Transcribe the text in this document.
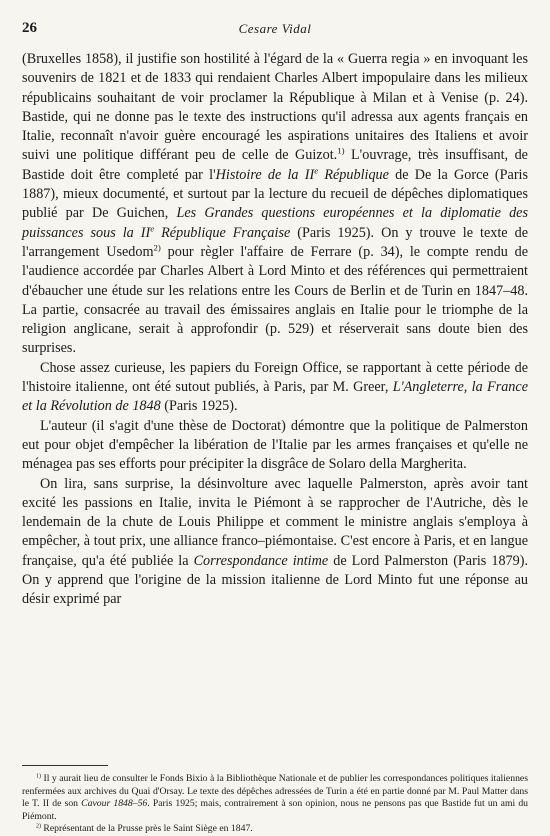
26	Cesare Vidal

(Bruxelles 1858), il justifie son hostilité à l'égard de la « Guerra regia » en invoquant les souvenirs de 1821 et de 1833 qui rendaient Charles Albert impopulaire dans les milieux républicains souhaitant de voir proclamer la République à Milan et à Venise (p. 24). Bastide, qui ne donne pas le texte des instructions qu'il adressa aux agents français en Italie, reconnaît n'avoir guère encouragé les aspirations unitaires des Italiens et avoir suivi une politique différant peu de celle de Guizot.$^{1)}$ L'ouvrage, très insuffisant, de Bastide doit être completé par l'Histoire de la IIe République de De la Gorce (Paris 1887), mieux documenté, et surtout par la lecture du recueil de dépêches diplomatiques publié par De Guichen, Les Grandes questions européennes et la diplomatie des puissances sous la IIe République Française (Paris 1925). On y trouve le texte de l'arrangement Usedom$^{2)}$ pour règler l'affaire de Ferrare (p. 34), le compte rendu de l'audience accordée par Charles Albert à Lord Minto et des références qui permettraient d'ébaucher une étude sur les relations entre les Cours de Berlin et de Turin en 1847–48. La partie, consacrée au travail des émissaires anglais en Italie pour le triomphe de la religion anglicane, serait à approfondir (p. 529) et réserverait sans doute bien des surprises.

Chose assez curieuse, les papiers du Foreign Office, se rapportant à cette période de l'histoire italienne, ont été sutout publiés, à Paris, par M. Greer, L'Angleterre, la France et la Révolution de 1848 (Paris 1925).

L'auteur (il s'agit d'une thèse de Doctorat) démontre que la politique de Palmerston eut pour objet d'empêcher la libération de l'Italie par les armes françaises et qu'elle ne ménagea pas ses efforts pour précipiter la disgrâce de Solaro della Margherita.

On lira, sans surprise, la désinvolture avec laquelle Palmerston, après avoir tant excité les passions en Italie, invita le Piémont à se rapprocher de l'Autriche, dès le lendemain de la chute de Louis Philippe et comment le ministre anglais s'employa à empêcher, à tout prix, une alliance franco–piémontaise. C'est encore à Paris, et en langue française, qu'a été publiée la Correspondance intime de Lord Palmerston (Paris 1879). On y apprend que l'origine de la mission italienne de Lord Minto fut une réponse au désir exprimé par

$^{1)}$ Il y aurait lieu de consulter le Fonds Bixio à la Bibliothèque Nationale et de publier les correspondances politiques italiennes renfermées aux archives du Quai d'Orsay. Le texte des dépêches adressées de Turin a été en partie donné par M. Paul Matter dans le T. II de son Cavour 1848–56. Paris 1925; mais, contrairement à son opinion, nous ne pensons pas que Bastide fut un ami du Piémont.

$^{2)}$ Représentant de la Prusse près le Saint Siège en 1847.
